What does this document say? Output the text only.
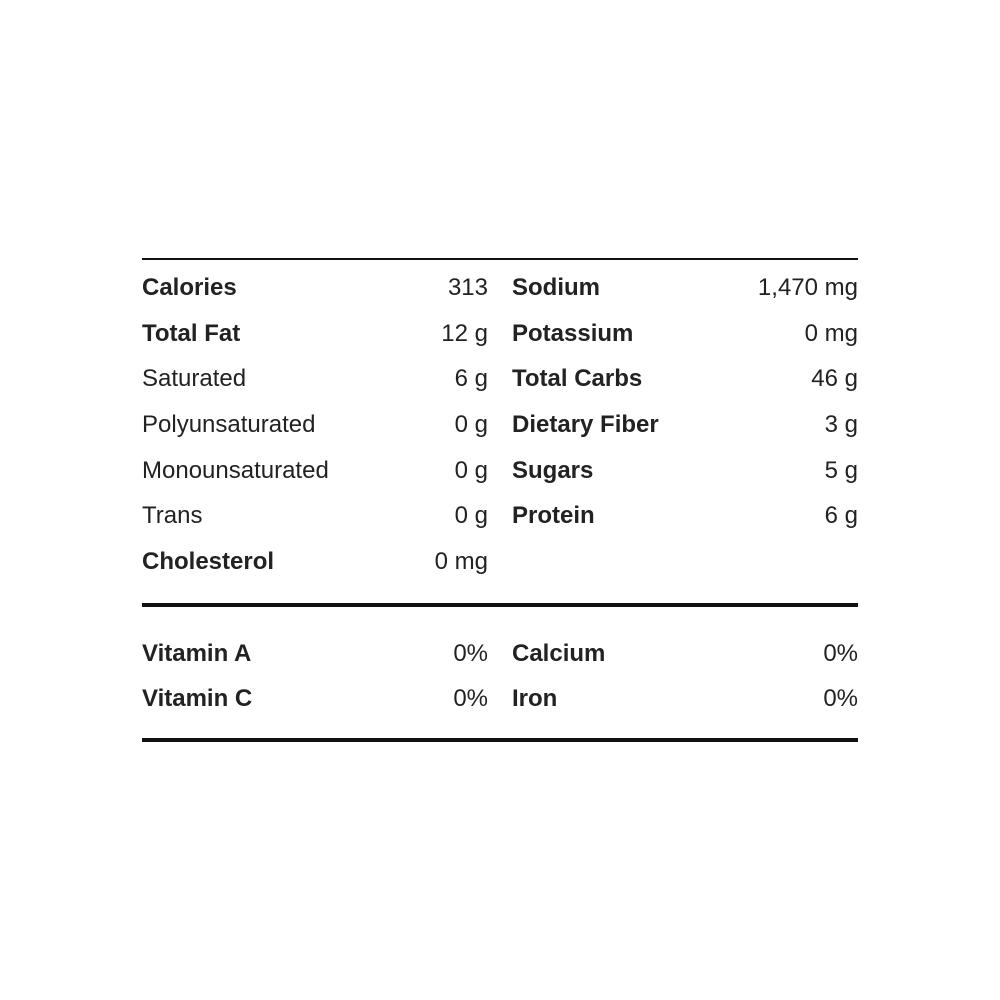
Calories	313
Total Fat	12 g
Saturated	6 g
Polyunsaturated	0 g
Monounsaturated	0 g
Trans	0 g
Cholesterol	0 mg
Sodium	1,470 mg
Potassium	0 mg
Total Carbs	46 g
Dietary Fiber	3 g
Sugars	5 g
Protein	6 g
Vitamin A	0%
Vitamin C	0%
Calcium	0%
Iron	0%
